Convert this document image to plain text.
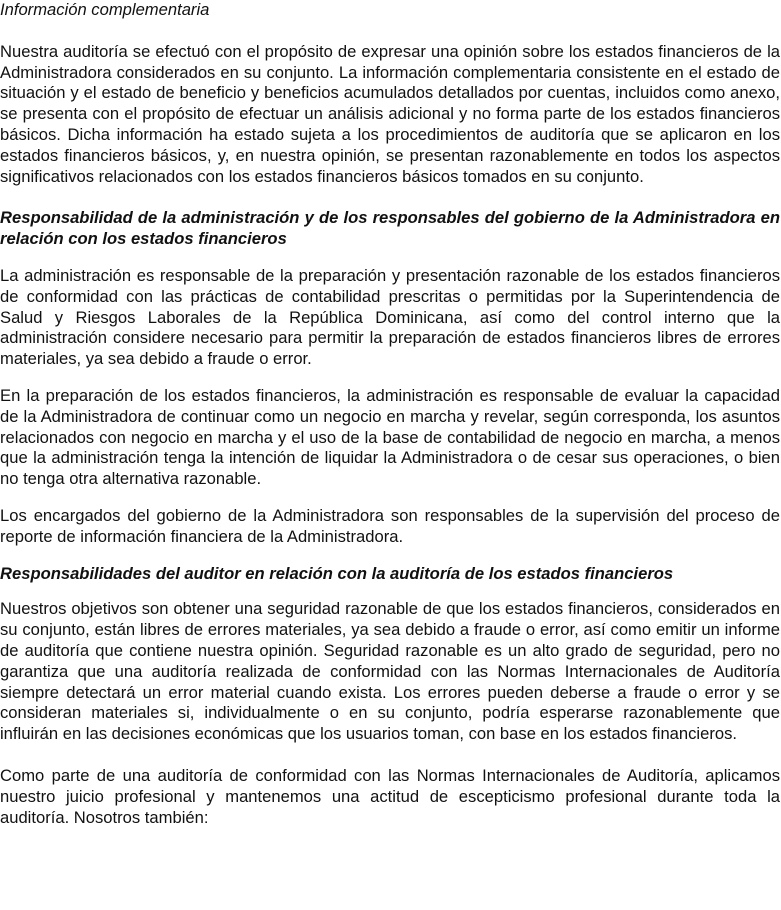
Información complementaria

Nuestra auditoría se efectuó con el propósito de expresar una opinión sobre los estados financieros de la Administradora considerados en su conjunto. La información complementaria consistente en el estado de situación y el estado de beneficio y beneficios acumulados detallados por cuentas, incluidos como anexo, se presenta con el propósito de efectuar un análisis adicional y no forma parte de los estados financieros básicos. Dicha información ha estado sujeta a los procedimientos de auditoría que se aplicaron en los estados financieros básicos, y, en nuestra opinión, se presentan razonablemente en todos los aspectos significativos relacionados con los estados financieros básicos tomados en su conjunto.

Responsabilidad de la administración y de los responsables del gobierno de la Administradora en relación con los estados financieros

La administración es responsable de la preparación y presentación razonable de los estados financieros de conformidad con las prácticas de contabilidad prescritas o permitidas por la Superintendencia de Salud y Riesgos Laborales de la República Dominicana, así como del control interno que la administración considere necesario para permitir la preparación de estados financieros libres de errores materiales, ya sea debido a fraude o error.

En la preparación de los estados financieros, la administración es responsable de evaluar la capacidad de la Administradora de continuar como un negocio en marcha y revelar, según corresponda, los asuntos relacionados con negocio en marcha y el uso de la base de contabilidad de negocio en marcha, a menos que la administración tenga la intención de liquidar la Administradora o de cesar sus operaciones, o bien no tenga otra alternativa razonable.

Los encargados del gobierno de la Administradora son responsables de la supervisión del proceso de reporte de información financiera de la Administradora.

Responsabilidades del auditor en relación con la auditoría de los estados financieros

Nuestros objetivos son obtener una seguridad razonable de que los estados financieros, considerados en su conjunto, están libres de errores materiales, ya sea debido a fraude o error, así como emitir un informe de auditoría que contiene nuestra opinión. Seguridad razonable es un alto grado de seguridad, pero no garantiza que una auditoría realizada de conformidad con las Normas Internacionales de Auditoría siempre detectará un error material cuando exista. Los errores pueden deberse a fraude o error y se consideran materiales si, individualmente o en su conjunto, podría esperarse razonablemente que influirán en las decisiones económicas que los usuarios toman, con base en los estados financieros.

Como parte de una auditoría de conformidad con las Normas Internacionales de Auditoría, aplicamos nuestro juicio profesional y mantenemos una actitud de escepticismo profesional durante toda la auditoría. Nosotros también:
